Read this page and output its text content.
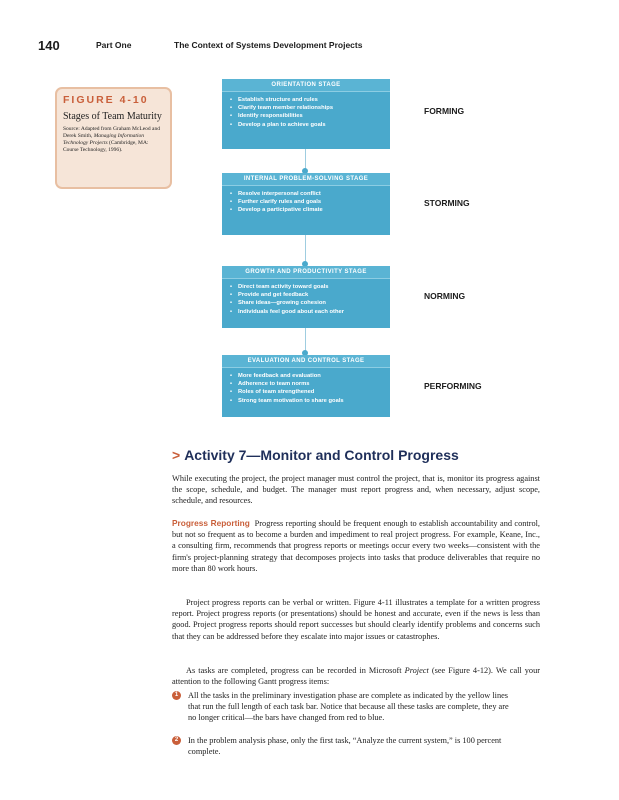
140	Part One	The Context of Systems Development Projects
FIGURE 4-10
Stages of Team Maturity
Source: Adapted from Graham McLeod and Derek Smith, Managing Information Technology Projects (Cambridge, MA: Course Technology, 1996).
ORIENTATION STAGE
• Establish structure and rules
• Clarify team member relationships
• Identify responsibilities
• Develop a plan to achieve goals
FORMING
INTERNAL PROBLEM-SOLVING STAGE
• Resolve interpersonal conflict
• Further clarify rules and goals
• Develop a participative climate
STORMING
GROWTH AND PRODUCTIVITY STAGE
• Direct team activity toward goals
• Provide and get feedback
• Share ideas—growing cohesion
• Individuals feel good about each other
NORMING
EVALUATION AND CONTROL STAGE
• More feedback and evaluation
• Adherence to team norms
• Roles of team strengthened
• Strong team motivation to share goals
PERFORMING
> Activity 7—Monitor and Control Progress

While executing the project, the project manager must control the project, that is, monitor its progress against the scope, schedule, and budget. The manager must report progress and, when necessary, adjust scope, schedule, and resources.

Progress Reporting Progress reporting should be frequent enough to establish accountability and control, but not so frequent as to become a burden and impediment to real project progress. For example, Keane, Inc., a consulting firm, recommends that progress reports or meetings occur every two weeks—consistent with the firm's project-planning strategy that decomposes projects into tasks that produce deliverables that require no more than 80 work hours.

Project progress reports can be verbal or written. Figure 4-11 illustrates a template for a written progress report. Project progress reports (or presentations) should be honest and accurate, even if the news is less than good. Project progress reports should report successes but should clearly identify problems and concerns such that they can be addressed before they escalate into major issues or catastrophes.

As tasks are completed, progress can be recorded in Microsoft Project (see Figure 4-12). We call your attention to the following Gantt progress items:

1	All the tasks in the preliminary investigation phase are complete as indicated by the yellow lines that run the full length of each task bar. Notice that because all these tasks are complete, they are no longer critical—the bars have changed from red to blue.
2	In the problem analysis phase, only the first task, “Analyze the current system,” is 100 percent complete.
